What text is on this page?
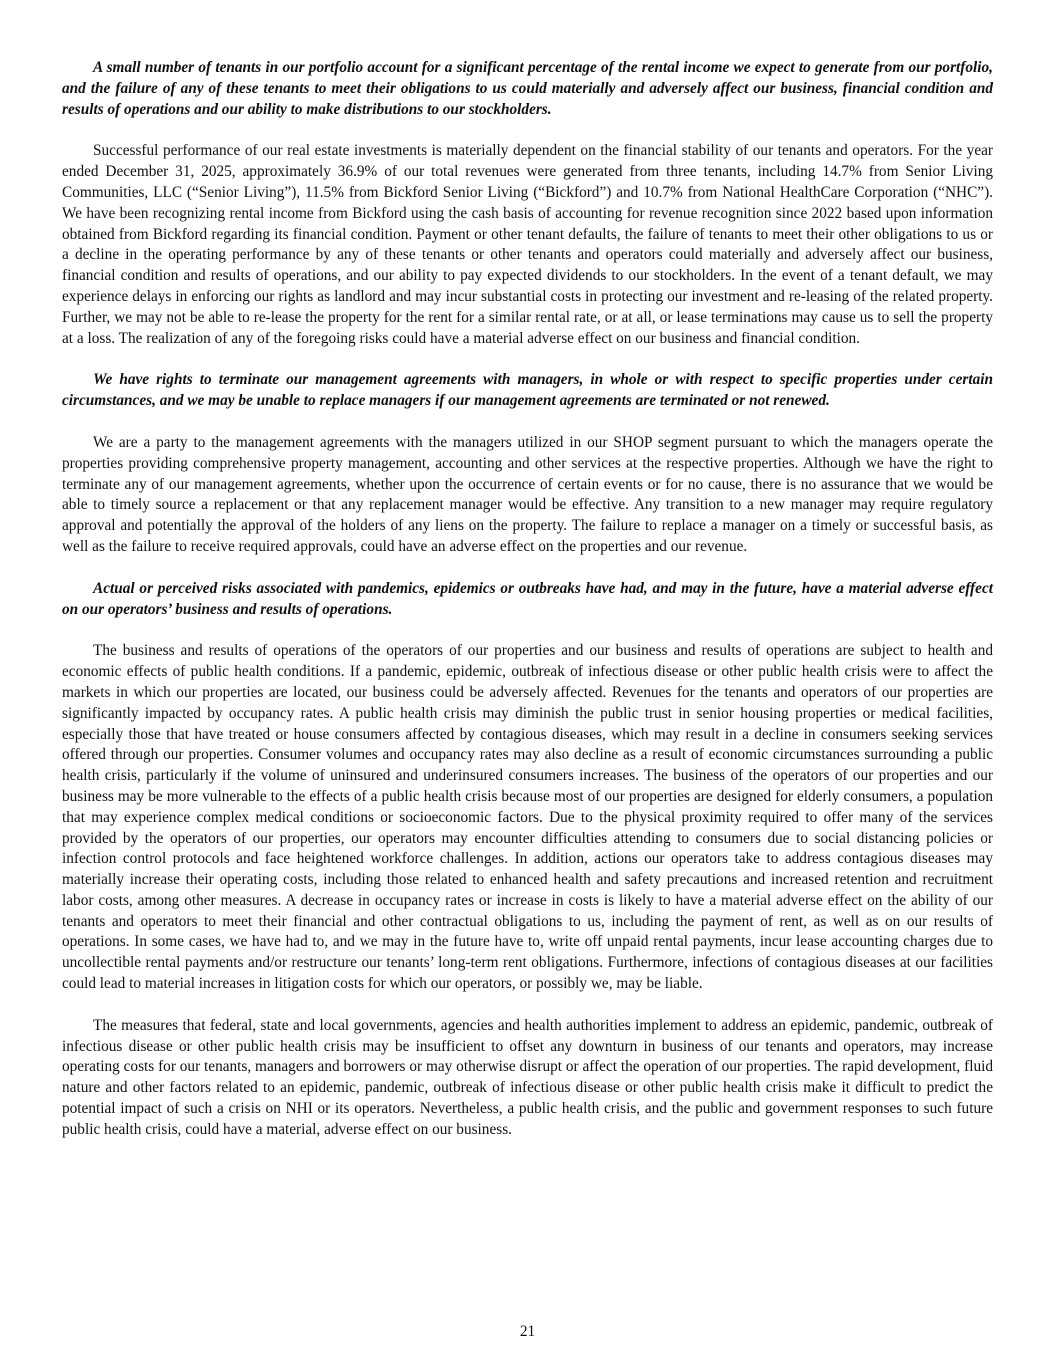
A small number of tenants in our portfolio account for a significant percentage of the rental income we expect to generate from our portfolio, and the failure of any of these tenants to meet their obligations to us could materially and adversely affect our business, financial condition and results of operations and our ability to make distributions to our stockholders.

Successful performance of our real estate investments is materially dependent on the financial stability of our tenants and operators. For the year ended December 31, 2025, approximately 36.9% of our total revenues were generated from three tenants, including 14.7% from Senior Living Communities, LLC (“Senior Living”), 11.5% from Bickford Senior Living (“Bickford”) and 10.7% from National HealthCare Corporation (“NHC”). We have been recognizing rental income from Bickford using the cash basis of accounting for revenue recognition since 2022 based upon information obtained from Bickford regarding its financial condition. Payment or other tenant defaults, the failure of tenants to meet their other obligations to us or a decline in the operating performance by any of these tenants or other tenants and operators could materially and adversely affect our business, financial condition and results of operations, and our ability to pay expected dividends to our stockholders. In the event of a tenant default, we may experience delays in enforcing our rights as landlord and may incur substantial costs in protecting our investment and re-leasing of the related property. Further, we may not be able to re-lease the property for the rent for a similar rental rate, or at all, or lease terminations may cause us to sell the property at a loss. The realization of any of the foregoing risks could have a material adverse effect on our business and financial condition.

We have rights to terminate our management agreements with managers, in whole or with respect to specific properties under certain circumstances, and we may be unable to replace managers if our management agreements are terminated or not renewed.

We are a party to the management agreements with the managers utilized in our SHOP segment pursuant to which the managers operate the properties providing comprehensive property management, accounting and other services at the respective properties. Although we have the right to terminate any of our management agreements, whether upon the occurrence of certain events or for no cause, there is no assurance that we would be able to timely source a replacement or that any replacement manager would be effective. Any transition to a new manager may require regulatory approval and potentially the approval of the holders of any liens on the property. The failure to replace a manager on a timely or successful basis, as well as the failure to receive required approvals, could have an adverse effect on the properties and our revenue.

Actual or perceived risks associated with pandemics, epidemics or outbreaks have had, and may in the future, have a material adverse effect on our operators’ business and results of operations.

The business and results of operations of the operators of our properties and our business and results of operations are subject to health and economic effects of public health conditions. If a pandemic, epidemic, outbreak of infectious disease or other public health crisis were to affect the markets in which our properties are located, our business could be adversely affected. Revenues for the tenants and operators of our properties are significantly impacted by occupancy rates. A public health crisis may diminish the public trust in senior housing properties or medical facilities, especially those that have treated or house consumers affected by contagious diseases, which may result in a decline in consumers seeking services offered through our properties. Consumer volumes and occupancy rates may also decline as a result of economic circumstances surrounding a public health crisis, particularly if the volume of uninsured and underinsured consumers increases. The business of the operators of our properties and our business may be more vulnerable to the effects of a public health crisis because most of our properties are designed for elderly consumers, a population that may experience complex medical conditions or socioeconomic factors. Due to the physical proximity required to offer many of the services provided by the operators of our properties, our operators may encounter difficulties attending to consumers due to social distancing policies or infection control protocols and face heightened workforce challenges. In addition, actions our operators take to address contagious diseases may materially increase their operating costs, including those related to enhanced health and safety precautions and increased retention and recruitment labor costs, among other measures. A decrease in occupancy rates or increase in costs is likely to have a material adverse effect on the ability of our tenants and operators to meet their financial and other contractual obligations to us, including the payment of rent, as well as on our results of operations. In some cases, we have had to, and we may in the future have to, write off unpaid rental payments, incur lease accounting charges due to uncollectible rental payments and/or restructure our tenants’ long-term rent obligations. Furthermore, infections of contagious diseases at our facilities could lead to material increases in litigation costs for which our operators, or possibly we, may be liable.

The measures that federal, state and local governments, agencies and health authorities implement to address an epidemic, pandemic, outbreak of infectious disease or other public health crisis may be insufficient to offset any downturn in business of our tenants and operators, may increase operating costs for our tenants, managers and borrowers or may otherwise disrupt or affect the operation of our properties. The rapid development, fluid nature and other factors related to an epidemic, pandemic, outbreak of infectious disease or other public health crisis make it difficult to predict the potential impact of such a crisis on NHI or its operators. Nevertheless, a public health crisis, and the public and government responses to such future public health crisis, could have a material, adverse effect on our business.

21
